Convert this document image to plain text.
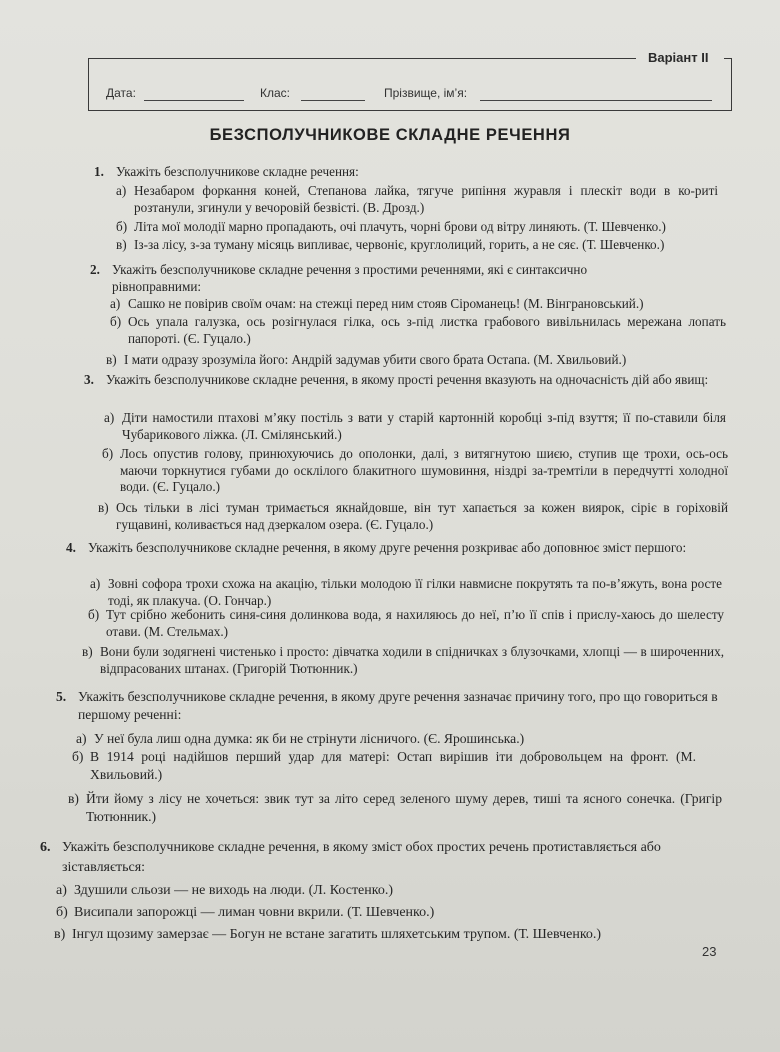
Варіант ІІ
Дата:	Клас:	Прізвище, ім’я:
БЕЗСПОЛУЧНИКОВЕ СКЛАДНЕ РЕЧЕННЯ
1. Укажіть безсполучникове складне речення:
а) Незабаром форкання коней, Степанова лайка, тягуче рипіння журавля і плескіт води в ко-риті розтанули, згинули у вечоровій безвісті. (В. Дрозд.)
б) Літа мої молодії марно пропадають, очі плачуть, чорні брови од вітру линяють. (Т. Шевченко.)
в) Із-за лісу, з-за туману місяць випливає, червоніє, круглолиций, горить, а не сяє. (Т. Шевченко.)
2. Укажіть безсполучникове складне речення з простими реченнями, які є синтаксично рівноправними:
а) Сашко не повірив своїм очам: на стежці перед ним стояв Сіроманець! (М. Вінграновський.)
б) Ось упала галузка, ось розігнулася гілка, ось з-під листка грабового вивільнилась мережана лопать папороті. (Є. Гуцало.)
в) І мати одразу зрозуміла його: Андрій задумав убити свого брата Остапа. (М. Хвильовий.)
3. Укажіть безсполучникове складне речення, в якому прості речення вказують на одночасність дій або явищ:
а) Діти намостили птахові м’яку постіль з вати у старій картонній коробці з-під взуття; її по-ставили біля Чубарикового ліжка. (Л. Смілянський.)
б) Лось опустив голову, принюхуючись до ополонки, далі, з витягнутою шиєю, ступив ще трохи, ось-ось маючи торкнутися губами до осклілого блакитного шумовиння, ніздрі за-тремтіли в передчутті холодної води. (Є. Гуцало.)
в) Ось тільки в лісі туман тримається якнайдовше, він тут хапається за кожен виярок, сіріє в горіховій гущавині, коливається над дзеркалом озера. (Є. Гуцало.)
4. Укажіть безсполучникове складне речення, в якому друге речення розкриває або доповнює зміст першого:
а) Зовні софора трохи схожа на акацію, тільки молодою її гілки навмисне покрутять та по-в’яжуть, вона росте тоді, як плакуча. (О. Гончар.)
б) Тут срібно жебонить синя-синя долинкова вода, я нахиляюсь до неї, п’ю її спів і прислу-хаюсь до шелесту отави. (М. Стельмах.)
в) Вони були зодягнені чистенько і просто: дівчатка ходили в спідничках з блузочками, хлопці — в широченних, відпрасованих штанах. (Григорій Тютюнник.)
5. Укажіть безсполучникове складне речення, в якому друге речення зазначає причину того, про що говориться в першому реченні:
а) У неї була лиш одна думка: як би не стрінути лісничого. (Є. Ярошинська.)
б) В 1914 році надійшов перший удар для матері: Остап вирішив іти добровольцем на фронт. (М. Хвильовий.)
в) Йти йому з лісу не хочеться: звик тут за літо серед зеленого шуму дерев, тиші та ясного сонечка. (Григір Тютюнник.)
6. Укажіть безсполучникове складне речення, в якому зміст обох простих речень протиставляється або зіставляється:
а) Здушили сльози — не виходь на люди. (Л. Костенко.)
б) Висипали запорожці — лиман човни вкрили. (Т. Шевченко.)
в) Інгул щозиму замерзає — Богун не встане загатить шляхетським трупом. (Т. Шевченко.)
23
